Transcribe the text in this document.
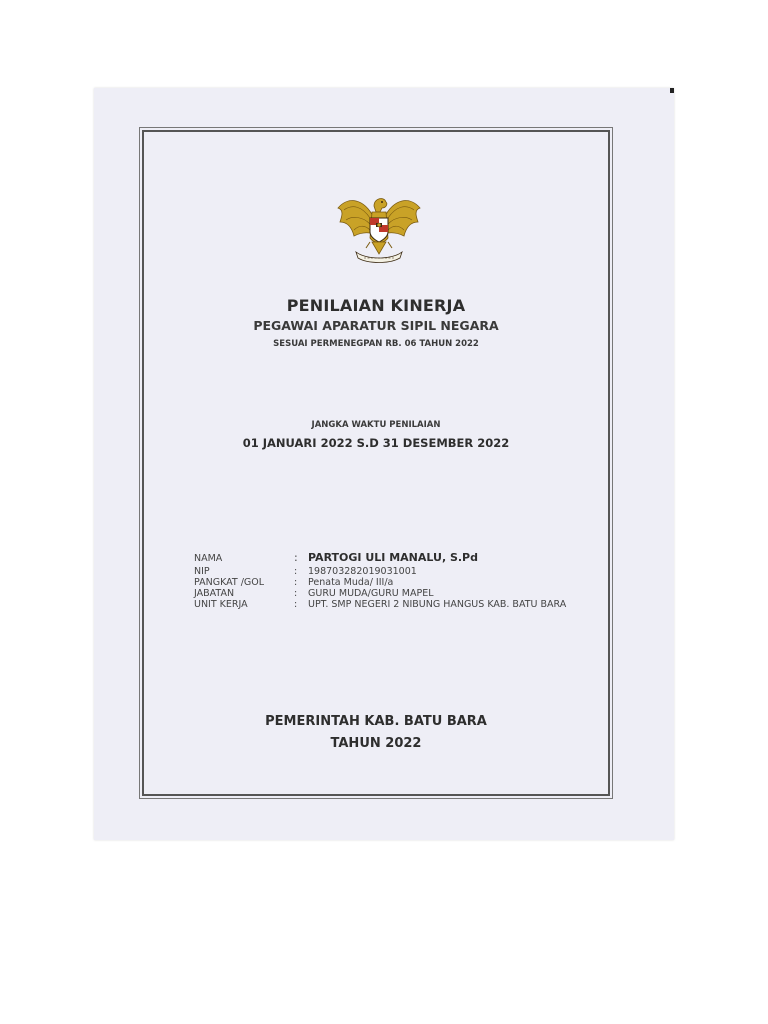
PENILAIAN KINERJA
PEGAWAI APARATUR SIPIL NEGARA
SESUAI PERMENEGPAN RB. 06 TAHUN 2022
JANGKA WAKTU PENILAIAN
01 JANUARI 2022 S.D 31 DESEMBER 2022
NAMA	: PARTOGI ULI MANALU, S.Pd
NIP	:	198703282019031001
PANGKAT /GOL	:	Penata Muda/ III/a
JABATAN	:	GURU MUDA/GURU MAPEL
UNIT KERJA	:	UPT. SMP NEGERI 2 NIBUNG HANGUS KAB. BATU BARA
PEMERINTAH KAB. BATU BARA
TAHUN 2022
